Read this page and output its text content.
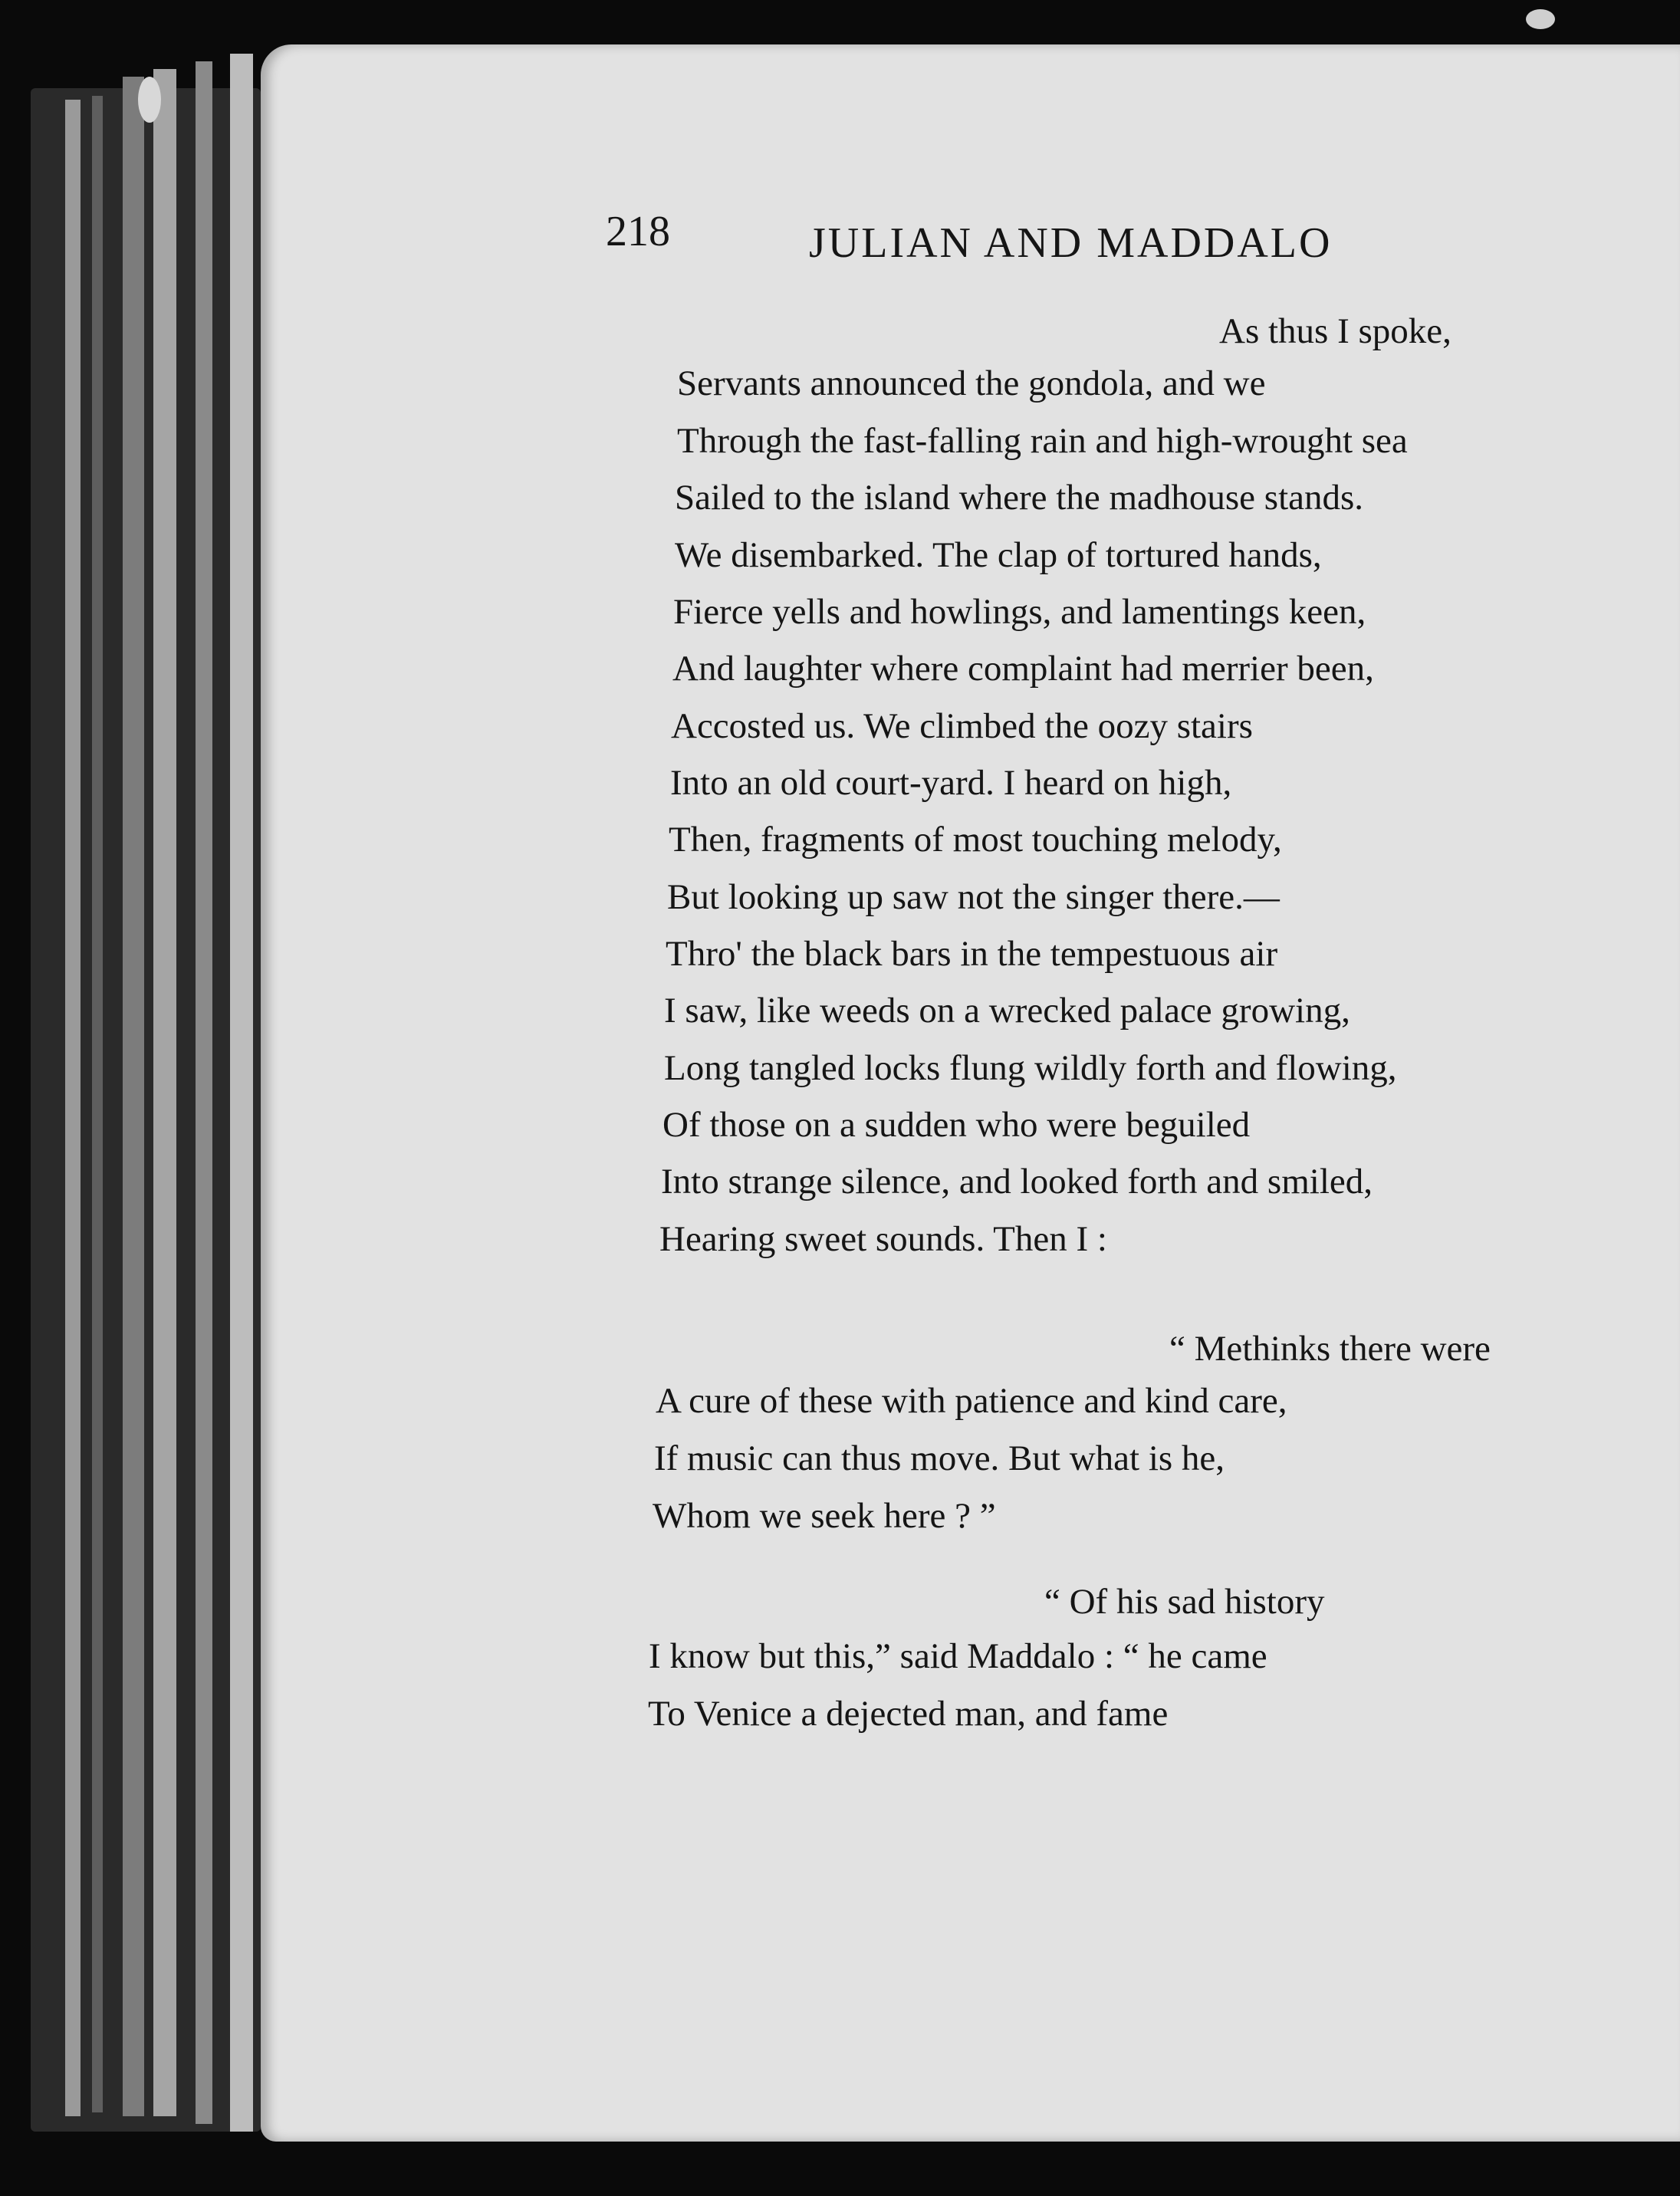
218	JULIAN AND MADDALO
As thus I spoke,
Servants announced the gondola, and we
Through the fast-falling rain and high-wrought sea
Sailed to the island where the madhouse stands.
We disembarked. The clap of tortured hands,
Fierce yells and howlings, and lamentings keen,
And laughter where complaint had merrier been,
Accosted us. We climbed the oozy stairs
Into an old court-yard. I heard on high,
Then, fragments of most touching melody,
But looking up saw not the singer there.—
Thro' the black bars in the tempestuous air
I saw, like weeds on a wrecked palace growing,
Long tangled locks flung wildly forth and flowing,
Of those on a sudden who were beguiled
Into strange silence, and looked forth and smiled,
Hearing sweet sounds. Then I :
“ Methinks there were
A cure of these with patience and kind care,
If music can thus move. But what is he,
Whom we seek here ? ”
“ Of his sad history
I know but this,” said Maddalo : “ he came
To Venice a dejected man, and fame
